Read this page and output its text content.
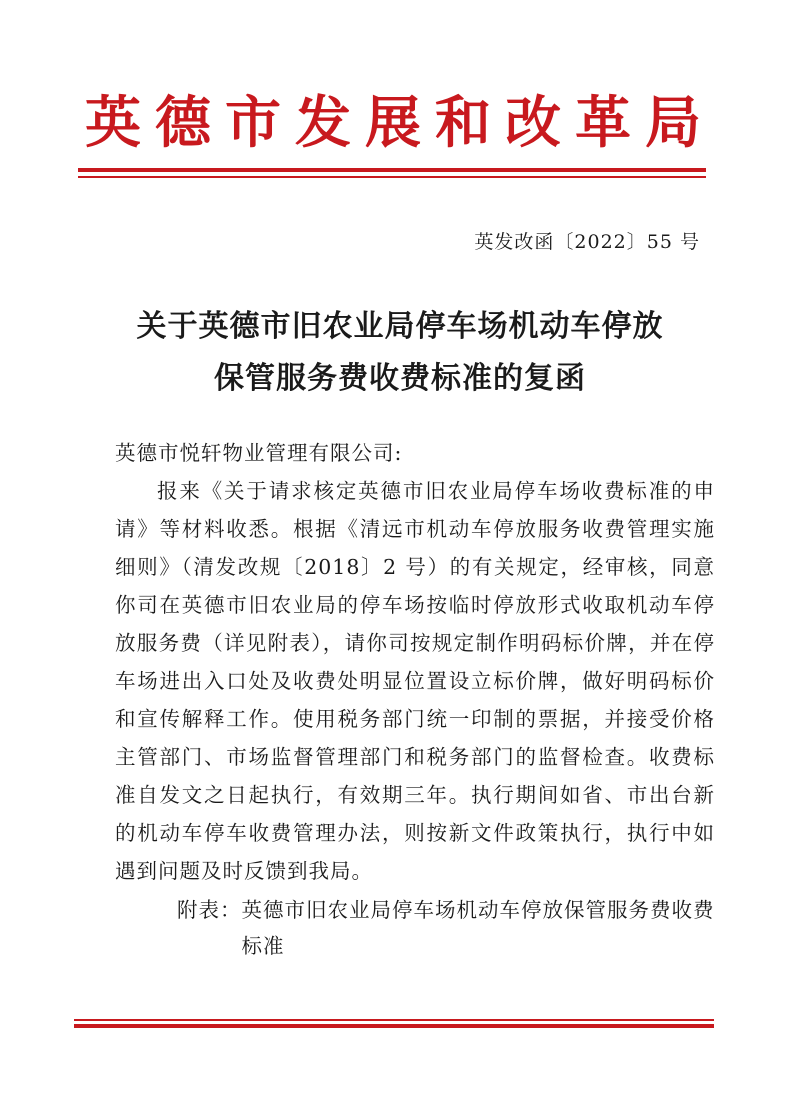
英德市发展和改革局
英发改函〔2022〕55 号
关于英德市旧农业局停车场机动车停放
保管服务费收费标准的复函
英德市悦轩物业管理有限公司:
报来《关于请求核定英德市旧农业局停车场收费标准的申请》等材料收悉。根据《清远市机动车停放服务收费管理实施细则》（清发改规〔2018〕2 号）的有关规定，经审核，同意你司在英德市旧农业局的停车场按临时停放形式收取机动车停放服务费（详见附表），请你司按规定制作明码标价牌，并在停车场进出入口处及收费处明显位置设立标价牌，做好明码标价和宣传解释工作。使用税务部门统一印制的票据，并接受价格主管部门、市场监督管理部门和税务部门的监督检查。收费标准自发文之日起执行，有效期三年。执行期间如省、市出台新的机动车停车收费管理办法，则按新文件政策执行，执行中如遇到问题及时反馈到我局。
附表： 英德市旧农业局停车场机动车停放保管服务费收费标准
